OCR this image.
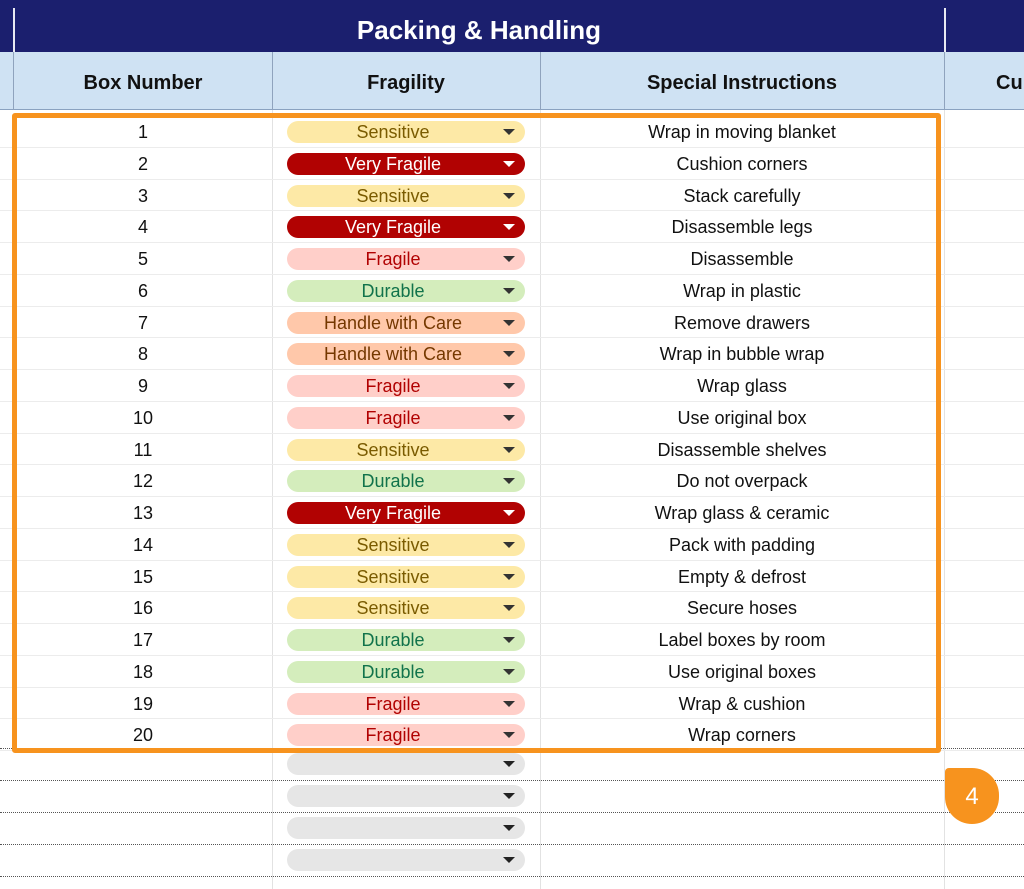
Packing & Handling
Box Number	Fragility	Special Instructions	Cu
1	Sensitive	Wrap in moving blanket
2	Very Fragile	Cushion corners
3	Sensitive	Stack carefully
4	Very Fragile	Disassemble legs
5	Fragile	Disassemble
6	Durable	Wrap in plastic
7	Handle with Care	Remove drawers
8	Handle with Care	Wrap in bubble wrap
9	Fragile	Wrap glass
10	Fragile	Use original box
11	Sensitive	Disassemble shelves
12	Durable	Do not overpack
13	Very Fragile	Wrap glass & ceramic
14	Sensitive	Pack with padding
15	Sensitive	Empty & defrost
16	Sensitive	Secure hoses
17	Durable	Label boxes by room
18	Durable	Use original boxes
19	Fragile	Wrap & cushion
20	Fragile	Wrap corners
4
